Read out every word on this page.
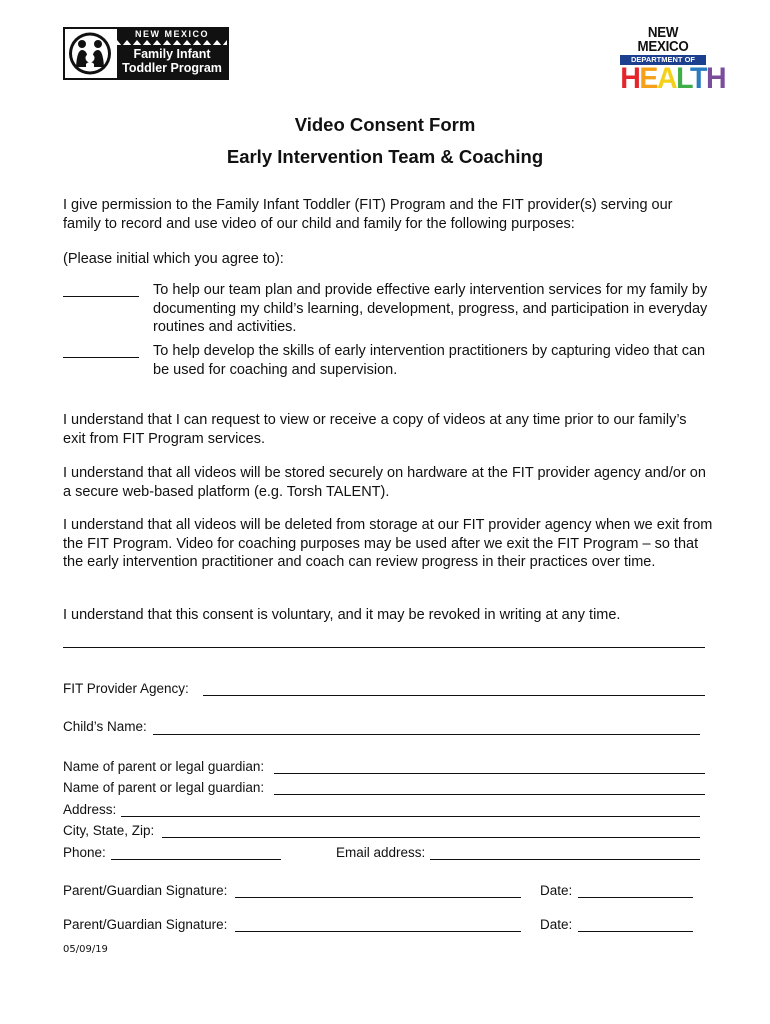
NEW MEXICO
Family Infant
Toddler Program
NEW MEXICO
DEPARTMENT OF
HEALTH
Video Consent Form
Early Intervention Team & Coaching
I give permission to the Family Infant Toddler (FIT) Program and the FIT provider(s) serving our family to record and use video of our child and family for the following purposes:
(Please initial which you agree to):
To help our team plan and provide effective early intervention services for my family by documenting my child’s learning, development, progress, and participation in everyday routines and activities.
To help develop the skills of early intervention practitioners by capturing video that can be used for coaching and supervision.
I understand that I can request to view or receive a copy of videos at any time prior to our family’s exit from FIT Program services.
I understand that all videos will be stored securely on hardware at the FIT provider agency and/or on a secure web-based platform (e.g. Torsh TALENT).
I understand that all videos will be deleted from storage at our FIT provider agency when we exit from the FIT Program. Video for coaching purposes may be used after we exit the FIT Program – so that the early intervention practitioner and coach can review progress in their practices over time.
I understand that this consent is voluntary, and it may be revoked in writing at any time.
FIT Provider Agency:
Child’s Name:
Name of parent or legal guardian:
Name of parent or legal guardian:
Address:
City, State, Zip:
Phone:	Email address:
Parent/Guardian Signature:	Date:
Parent/Guardian Signature:	Date:
05/09/19
